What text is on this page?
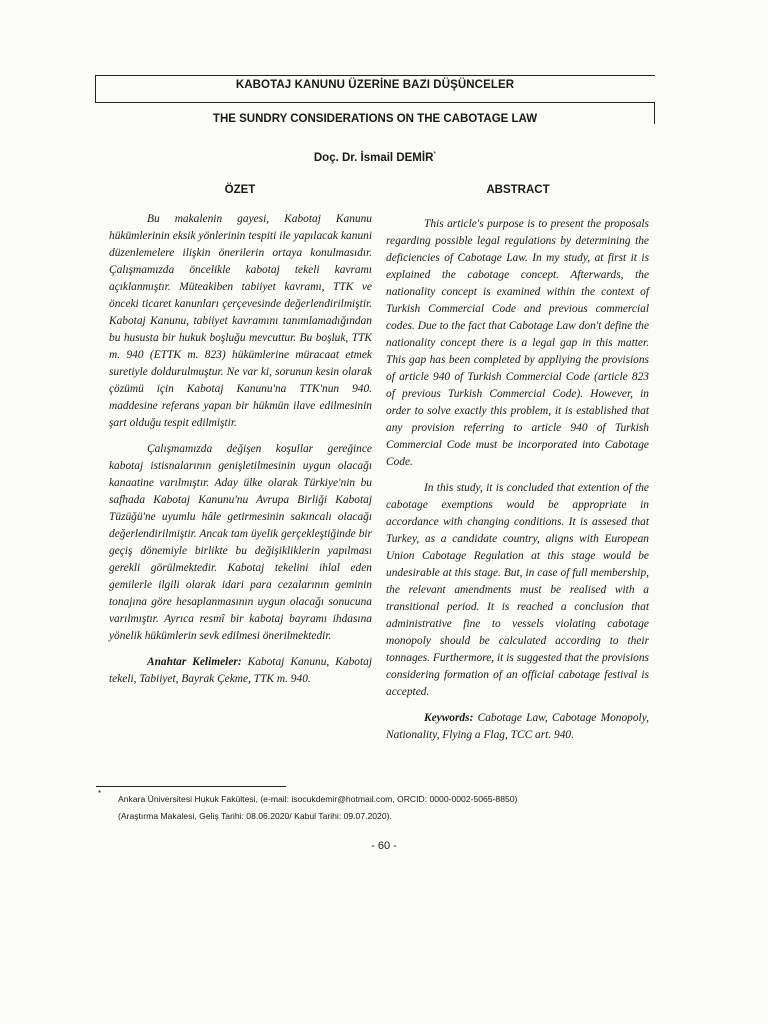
KABOTAJ KANUNU ÜZERİNE BAZI DÜŞÜNCELER
THE SUNDRY CONSIDERATIONS ON THE CABOTAGE LAW
Doç. Dr. İsmail DEMİR*
ÖZET	ABSTRACT

Bu makalenin gayesi, Kabotaj Kanunu hükümlerinin eksik yönlerinin tespiti ile yapılacak kanuni düzenlemelere ilişkin önerilerin ortaya konulmasıdır. Çalışmamızda öncelikle kabotaj tekeli kavramı açıklanmıştır. Müteakiben tabiiyet kavramı, TTK ve önceki ticaret kanunları çerçevesinde değerlendirilmiştir. Kabotaj Kanunu, tabiiyet kavramını tanımlamadığından bu hususta bir hukuk boşluğu mevcuttur. Bu boşluk, TTK m. 940 (ETTK m. 823) hükümlerine müracaat etmek suretiyle doldurulmuştur. Ne var ki, sorunun kesin olarak çözümü için Kabotaj Kanunu'na TTK'nun 940. maddesine referans yapan bir hükmün ilave edilmesinin şart olduğu tespit edilmiştir.

Çalışmamızda değişen koşullar gereğince kabotaj istisnalarının genişletilmesinin uygun olacağı kanaatine varılmıştır. Aday ülke olarak Türkiye'nin bu safhada Kabotaj Kanunu'nu Avrupa Birliği Kabotaj Tüzüğü'ne uyumlu hâle getirmesinin sakıncalı olacağı değerlendirilmiştir. Ancak tam üyelik gerçekleştiğinde bir geçiş dönemiyle birlikte bu değişikliklerin yapılması gerekli görülmektedir. Kabotaj tekelini ihlal eden gemilerle ilgili olarak idari para cezalarının geminin tonajına göre hesaplanmasının uygun olacağı sonucuna varılmıştır. Ayrıca resmî bir kabotaj bayramı ihdasına yönelik hükümlerin sevk edilmesi önerilmektedir.

Anahtar Kelimeler: Kabotaj Kanunu, Kabotaj tekeli, Tabiiyet, Bayrak Çekme, TTK m. 940.

This article's purpose is to present the proposals regarding possible legal regulations by determining the deficiencies of Cabotage Law. In my study, at first it is explained the cabotage concept. Afterwards, the nationality concept is examined within the context of Turkish Commercial Code and previous commercial codes. Due to the fact that Cabotage Law don't define the nationality concept there is a legal gap in this matter. This gap has been completed by appliying the provisions of article 940 of Turkish Commercial Code (article 823 of previous Turkish Commercial Code). However, in order to solve exactly this problem, it is established that any provision referring to article 940 of Turkish Commercial Code must be incorporated into Cabotage Code.

In this study, it is concluded that extention of the cabotage exemptions would be appropriate in accordance with changing conditions. It is assesed that Turkey, as a candidate country, aligns with European Union Cabotage Regulation at this stage would be undesirable at this stage. But, in case of full membership, the relevant amendments must be realised with a transitional period. It is reached a conclusion that administrative fine to vessels violating cabotage monopoly should be calculated according to their tonnages. Furthermore, it is suggested that the provisions considering formation of an official cabotage festival is accepted.

Keywords: Cabotage Law, Cabotage Monopoly, Nationality, Flying a Flag, TCC art. 940.

*
Ankara Üniversitesi Hukuk Fakültesi, (e-mail: isocukdemir@hotmail.com, ORCID: 0000-0002-5065-8850)
(Araştırma Makalesi, Geliş Tarihi: 08.06.2020/ Kabul Tarihi: 09.07.2020).
- 60 -
